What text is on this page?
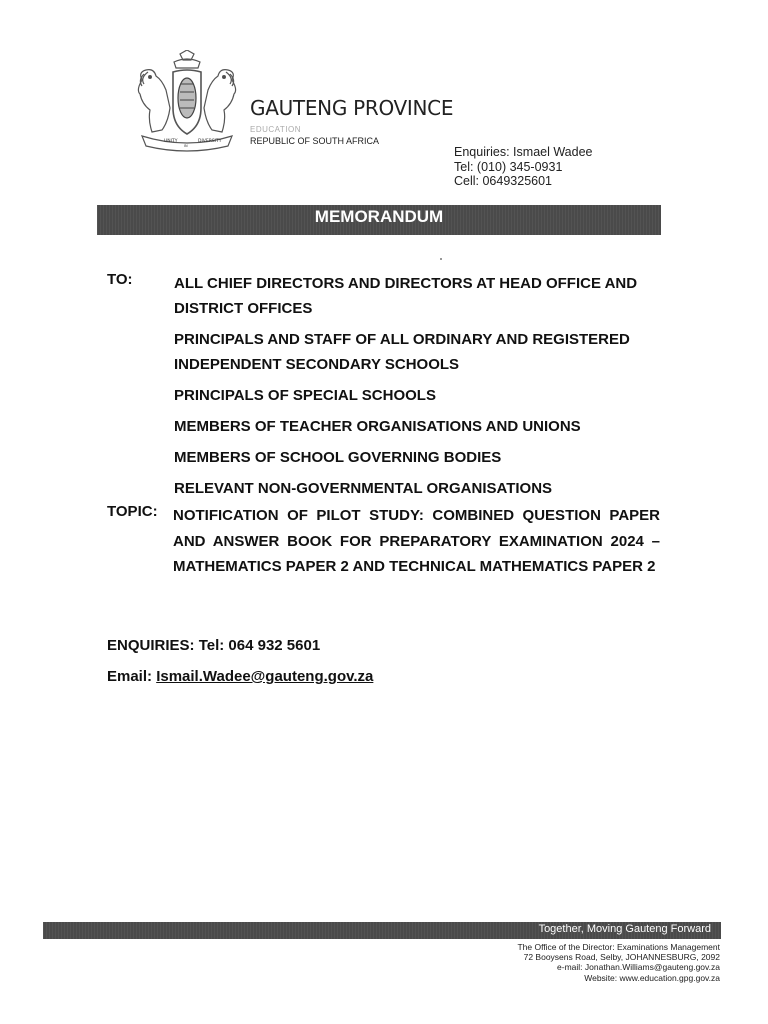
UNITY
IN
DIVERSITY
GAUTENG PROVINCE
EDUCATION
REPUBLIC OF SOUTH AFRICA
Enquiries: Ismael Wadee
Tel: (010) 345-0931
Cell: 0649325601
MEMORANDUM
TO:	ALL CHIEF DIRECTORS AND DIRECTORS AT HEAD OFFICE AND DISTRICT OFFICES
PRINCIPALS AND STAFF OF ALL ORDINARY AND REGISTERED INDEPENDENT SECONDARY SCHOOLS
PRINCIPALS OF SPECIAL SCHOOLS
MEMBERS OF TEACHER ORGANISATIONS AND UNIONS
MEMBERS OF SCHOOL GOVERNING BODIES
RELEVANT NON-GOVERNMENTAL ORGANISATIONS
TOPIC: NOTIFICATION OF PILOT STUDY: COMBINED QUESTION PAPER AND ANSWER BOOK FOR PREPARATORY EXAMINATION 2024 – MATHEMATICS PAPER 2 AND TECHNICAL MATHEMATICS PAPER 2
ENQUIRIES: Tel: 064 932 5601
Email: Ismail.Wadee@gauteng.gov.za
Together, Moving Gauteng Forward
The Office of the Director: Examinations Management
72 Booysens Road, Selby, JOHANNESBURG, 2092
e-mail: Jonathan.Williams@gauteng.gov.za
Website: www.education.gpg.gov.za
